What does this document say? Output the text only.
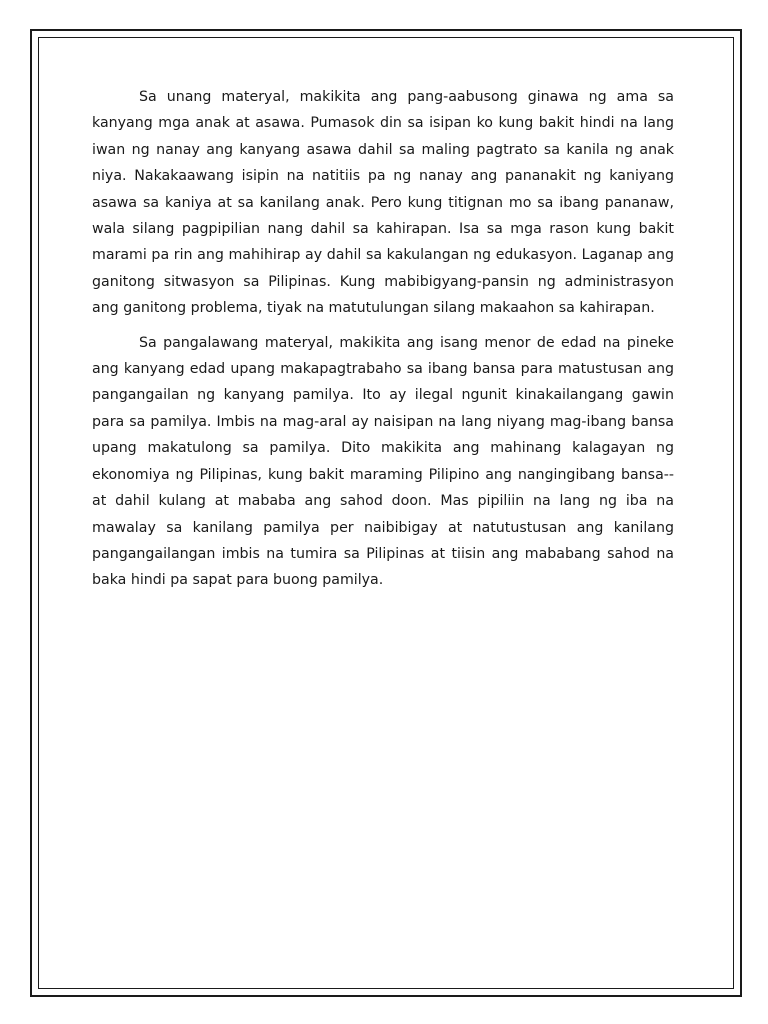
Sa unang materyal, makikita ang pang-aabusong ginawa ng ama sa kanyang mga anak at asawa. Pumasok din sa isipan ko kung bakit hindi na lang iwan ng nanay ang kanyang asawa dahil sa maling pagtrato sa kanila ng anak niya. Nakakaawang isipin na natitiis pa ng nanay ang pananakit ng kaniyang asawa sa kaniya at sa kanilang anak. Pero kung titignan mo sa ibang pananaw, wala silang pagpipilian nang dahil sa kahirapan. Isa sa mga rason kung bakit marami pa rin ang mahihirap ay dahil sa kakulangan ng edukasyon. Laganap ang ganitong sitwasyon sa Pilipinas. Kung mabibigyang-pansin ng administrasyon ang ganitong problema, tiyak na matutulungan silang makaahon sa kahirapan.

Sa pangalawang materyal, makikita ang isang menor de edad na pineke ang kanyang edad upang makapagtrabaho sa ibang bansa para matustusan ang pangangailan ng kanyang pamilya. Ito ay ilegal ngunit kinakailangang gawin para sa pamilya. Imbis na mag-aral ay naisipan na lang niyang mag-ibang bansa upang makatulong sa pamilya. Dito makikita ang mahinang kalagayan ng ekonomiya ng Pilipinas, kung bakit maraming Pilipino ang nangingibang bansa--at dahil kulang at mababa ang sahod doon. Mas pipiliin na lang ng iba na mawalay sa kanilang pamilya per naibibigay at natutustusan ang kanilang pangangailangan imbis na tumira sa Pilipinas at tiisin ang mababang sahod na baka hindi pa sapat para buong pamilya.
